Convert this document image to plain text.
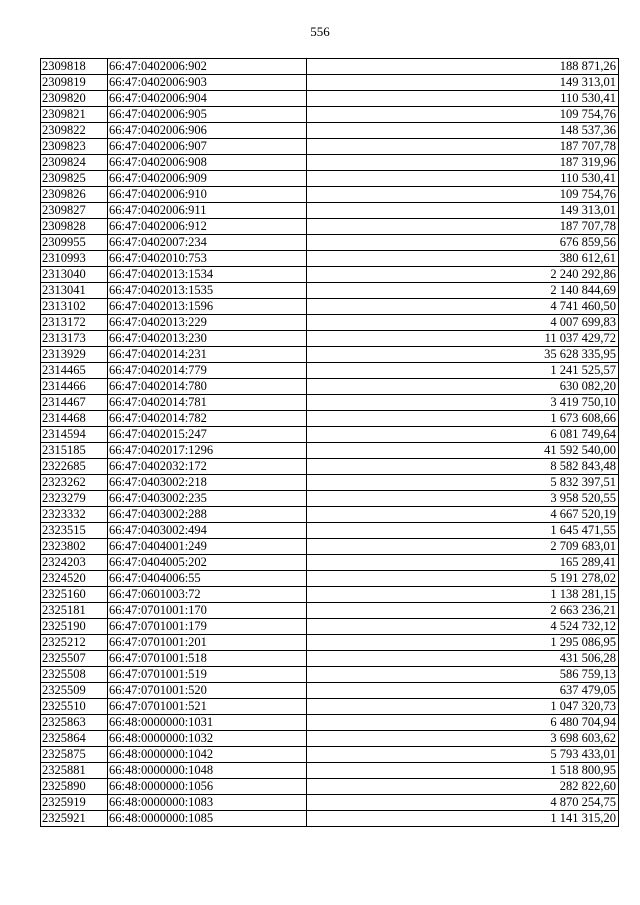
556
2309818	66:47:0402006:902	188 871,26
2309819	66:47:0402006:903	149 313,01
2309820	66:47:0402006:904	110 530,41
2309821	66:47:0402006:905	109 754,76
2309822	66:47:0402006:906	148 537,36
2309823	66:47:0402006:907	187 707,78
2309824	66:47:0402006:908	187 319,96
2309825	66:47:0402006:909	110 530,41
2309826	66:47:0402006:910	109 754,76
2309827	66:47:0402006:911	149 313,01
2309828	66:47:0402006:912	187 707,78
2309955	66:47:0402007:234	676 859,56
2310993	66:47:0402010:753	380 612,61
2313040	66:47:0402013:1534	2 240 292,86
2313041	66:47:0402013:1535	2 140 844,69
2313102	66:47:0402013:1596	4 741 460,50
2313172	66:47:0402013:229	4 007 699,83
2313173	66:47:0402013:230	11 037 429,72
2313929	66:47:0402014:231	35 628 335,95
2314465	66:47:0402014:779	1 241 525,57
2314466	66:47:0402014:780	630 082,20
2314467	66:47:0402014:781	3 419 750,10
2314468	66:47:0402014:782	1 673 608,66
2314594	66:47:0402015:247	6 081 749,64
2315185	66:47:0402017:1296	41 592 540,00
2322685	66:47:0402032:172	8 582 843,48
2323262	66:47:0403002:218	5 832 397,51
2323279	66:47:0403002:235	3 958 520,55
2323332	66:47:0403002:288	4 667 520,19
2323515	66:47:0403002:494	1 645 471,55
2323802	66:47:0404001:249	2 709 683,01
2324203	66:47:0404005:202	165 289,41
2324520	66:47:0404006:55	5 191 278,02
2325160	66:47:0601003:72	1 138 281,15
2325181	66:47:0701001:170	2 663 236,21
2325190	66:47:0701001:179	4 524 732,12
2325212	66:47:0701001:201	1 295 086,95
2325507	66:47:0701001:518	431 506,28
2325508	66:47:0701001:519	586 759,13
2325509	66:47:0701001:520	637 479,05
2325510	66:47:0701001:521	1 047 320,73
2325863	66:48:0000000:1031	6 480 704,94
2325864	66:48:0000000:1032	3 698 603,62
2325875	66:48:0000000:1042	5 793 433,01
2325881	66:48:0000000:1048	1 518 800,95
2325890	66:48:0000000:1056	282 822,60
2325919	66:48:0000000:1083	4 870 254,75
2325921	66:48:0000000:1085	1 141 315,20
